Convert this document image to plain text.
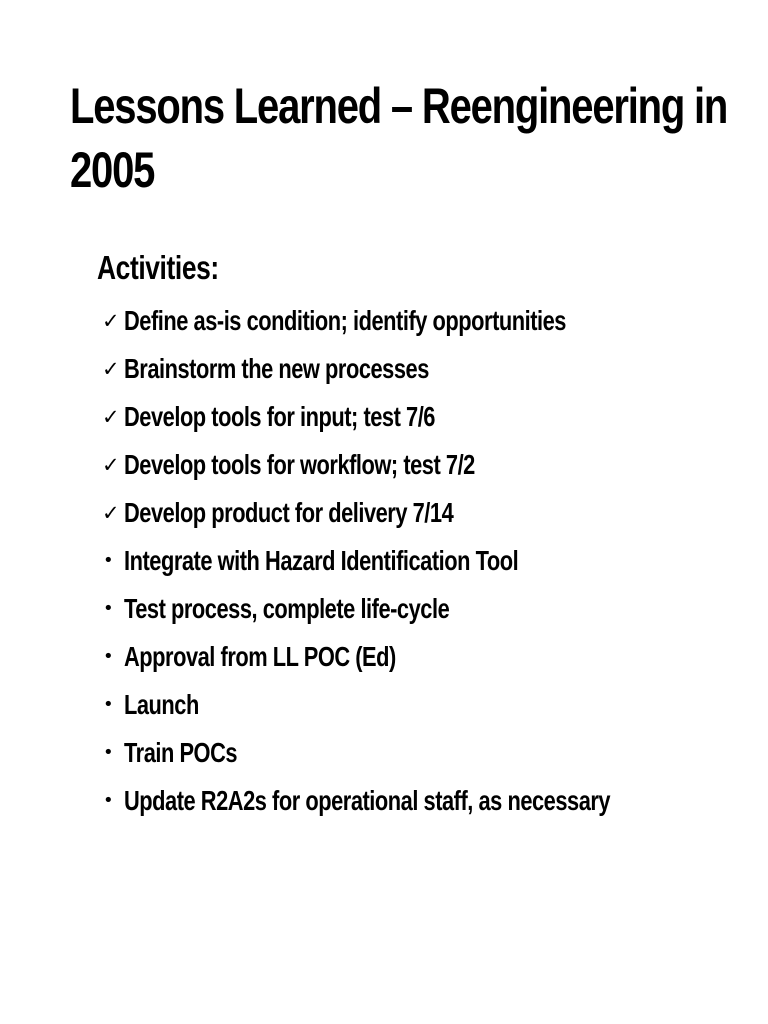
Lessons Learned – Reengineering in
2005
Activities:
✓ Define as-is condition; identify opportunities
✓ Brainstorm the new processes
✓ Develop tools for input; test 7/6
✓ Develop tools for workflow; test 7/2
✓ Develop product for delivery 7/14
• Integrate with Hazard Identification Tool
• Test process, complete life-cycle
• Approval from LL POC (Ed)
• Launch
• Train POCs
• Update R2A2s for operational staff, as necessary
